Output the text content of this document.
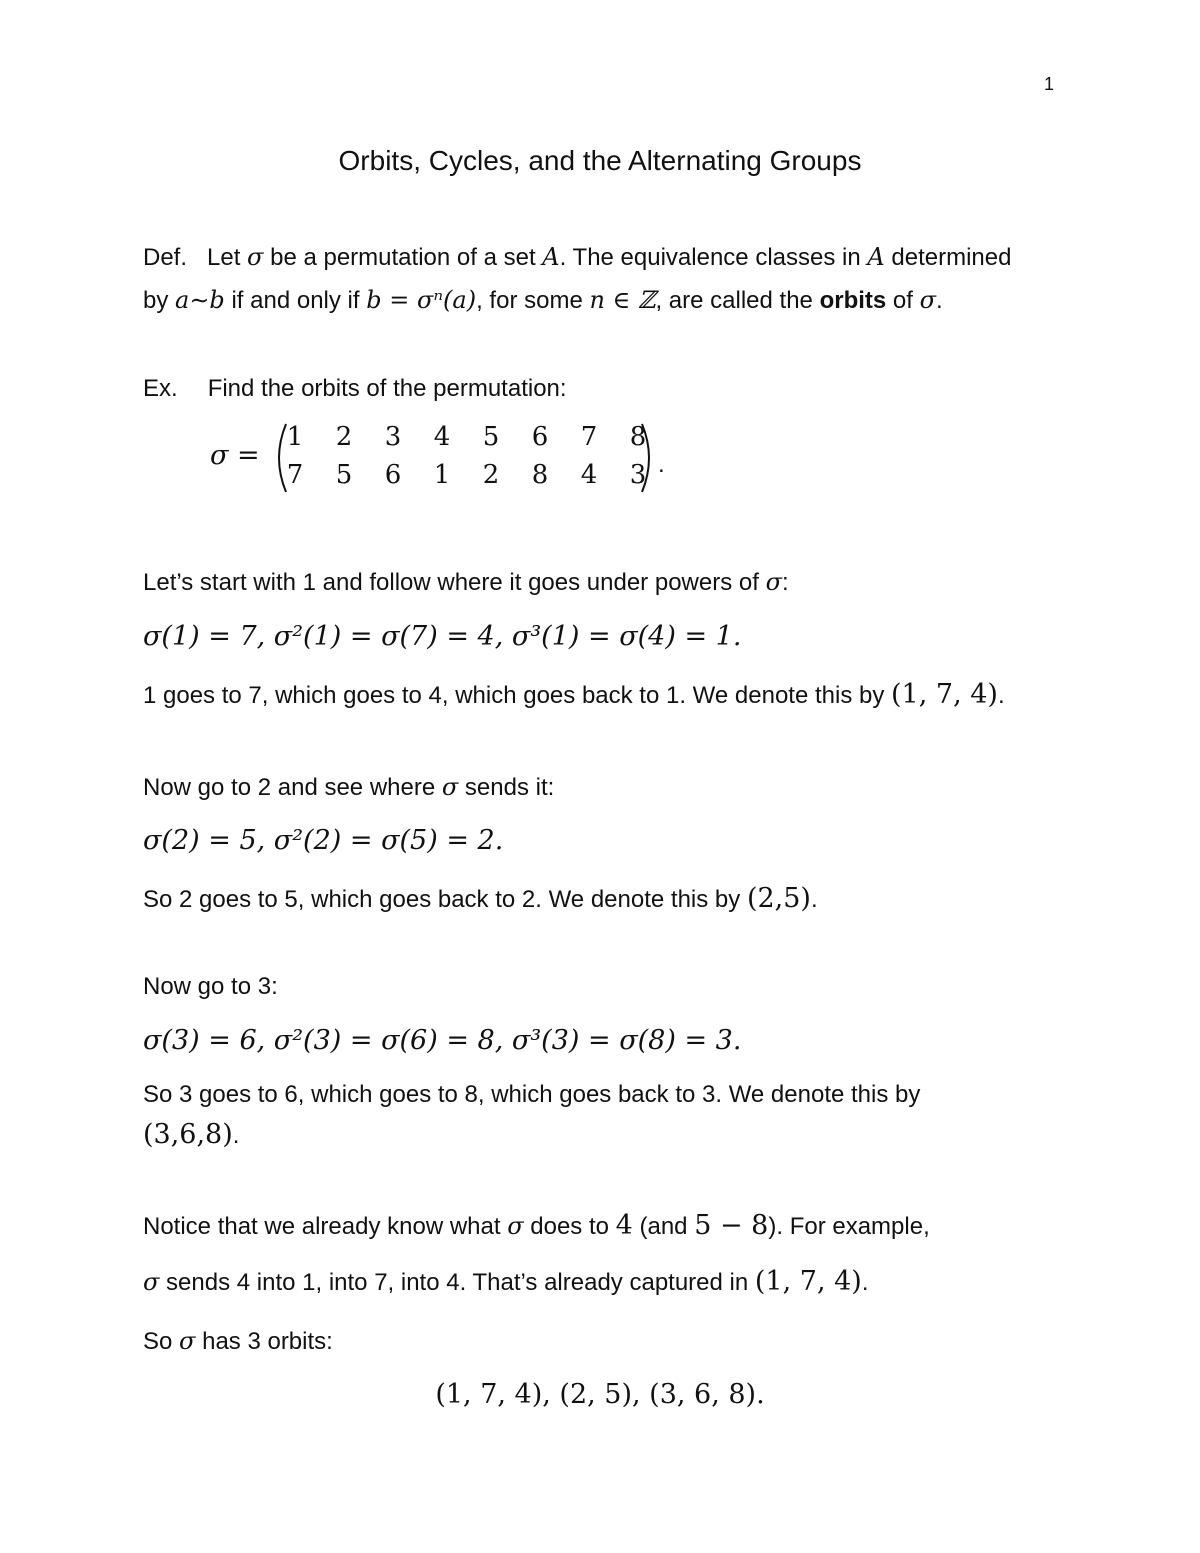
1
Orbits, Cycles, and the Alternating Groups
Def. Let σ be a permutation of a set A. The equivalence classes in A determined
by a∼b if and only if b = σⁿ(a), for some n ∈ ℤ, are called the orbits of σ.
Ex. Find the orbits of the permutation:
σ =
1 2 3 4 5 6 7 8
7 5 6 1 2 8 4 3 .
Let’s start with 1 and follow where it goes under powers of σ:
σ(1) = 7, σ²(1) = σ(7) = 4, σ³(1) = σ(4) = 1.
1 goes to 7, which goes to 4, which goes back to 1. We denote this by (1, 7, 4).
Now go to 2 and see where σ sends it:
σ(2) = 5, σ²(2) = σ(5) = 2.
So 2 goes to 5, which goes back to 2. We denote this by (2,5).
Now go to 3:
σ(3) = 6, σ²(3) = σ(6) = 8, σ³(3) = σ(8) = 3.
So 3 goes to 6, which goes to 8, which goes back to 3. We denote this by
(3,6,8).
Notice that we already know what σ does to 4 (and 5 − 8). For example,
σ sends 4 into 1, into 7, into 4. That’s already captured in (1, 7, 4).
So σ has 3 orbits:
(1, 7, 4), (2, 5), (3, 6, 8).
